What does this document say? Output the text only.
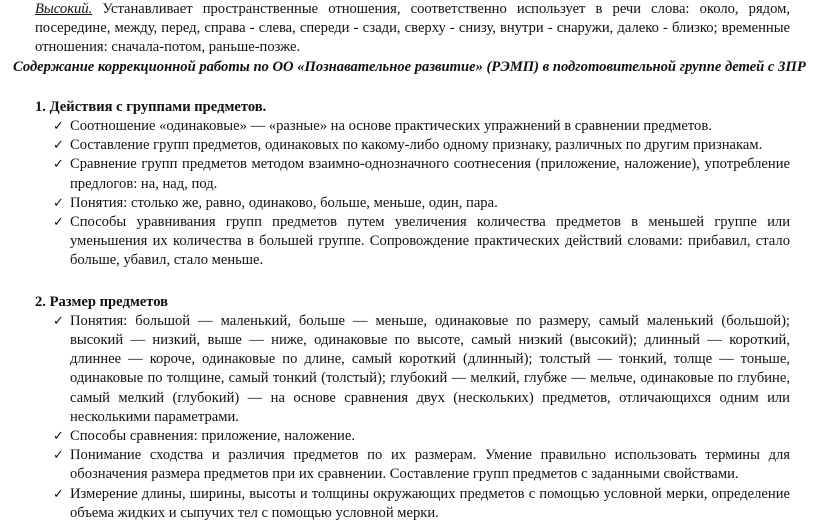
Высокий. Устанавливает пространственные отношения, соответственно использует в речи слова: около, рядом, посередине, между, перед, справа - слева, спереди - сзади, сверху - снизу, внутри - снаружи, далеко - близко; временные отношения: сначала-потом, раньше-позже.

Содержание коррекционной работы по ОО «Познавательное развитие» (РЭМП) в подготовительной группе детей с ЗПР

1. Действия с группами предметов.

✓ Соотношение «одинаковые» — «разные» на основе практических упражнений в сравнении предметов.
✓ Составление групп предметов, одинаковых по какому-либо одному признаку, различных по другим признакам.
✓ Сравнение групп предметов методом взаимно-однозначного соотнесения (приложение, наложение), употребление предлогов: на, над, под.
✓ Понятия: столько же, равно, одинаково, больше, меньше, один, пара.
✓ Способы уравнивания групп предметов путем увеличения количества предметов в меньшей группе или уменьшения их количества в большей группе. Сопровождение практических действий словами: прибавил, стало больше, убавил, стало меньше.

2. Размер предметов

✓ Понятия: большой — маленький, больше — меньше, одинаковые по размеру, самый маленький (большой); высокий — низкий, выше — ниже, одинаковые по высоте, самый низкий (высокий); длинный — короткий, длиннее — короче, одинаковые по длине, самый короткий (длинный); толстый — тонкий, толще — тоньше, одинаковые по толщине, самый тонкий (толстый); глубокий — мелкий, глубже — мельче, одинаковые по глубине, самый мелкий (глубокий) — на основе сравнения двух (нескольких) предметов, отличающихся одним или несколькими параметрами.
✓ Способы сравнения: приложение, наложение.
✓ Понимание сходства и различия предметов по их размерам. Умение правильно использовать термины для обозначения размера предметов при их сравнении. Составление групп предметов с заданными свойствами.
✓ Измерение длины, ширины, высоты и толщины окружающих предметов с помощью условной мерки, определение объема жидких и сыпучих тел с помощью условной мерки.
